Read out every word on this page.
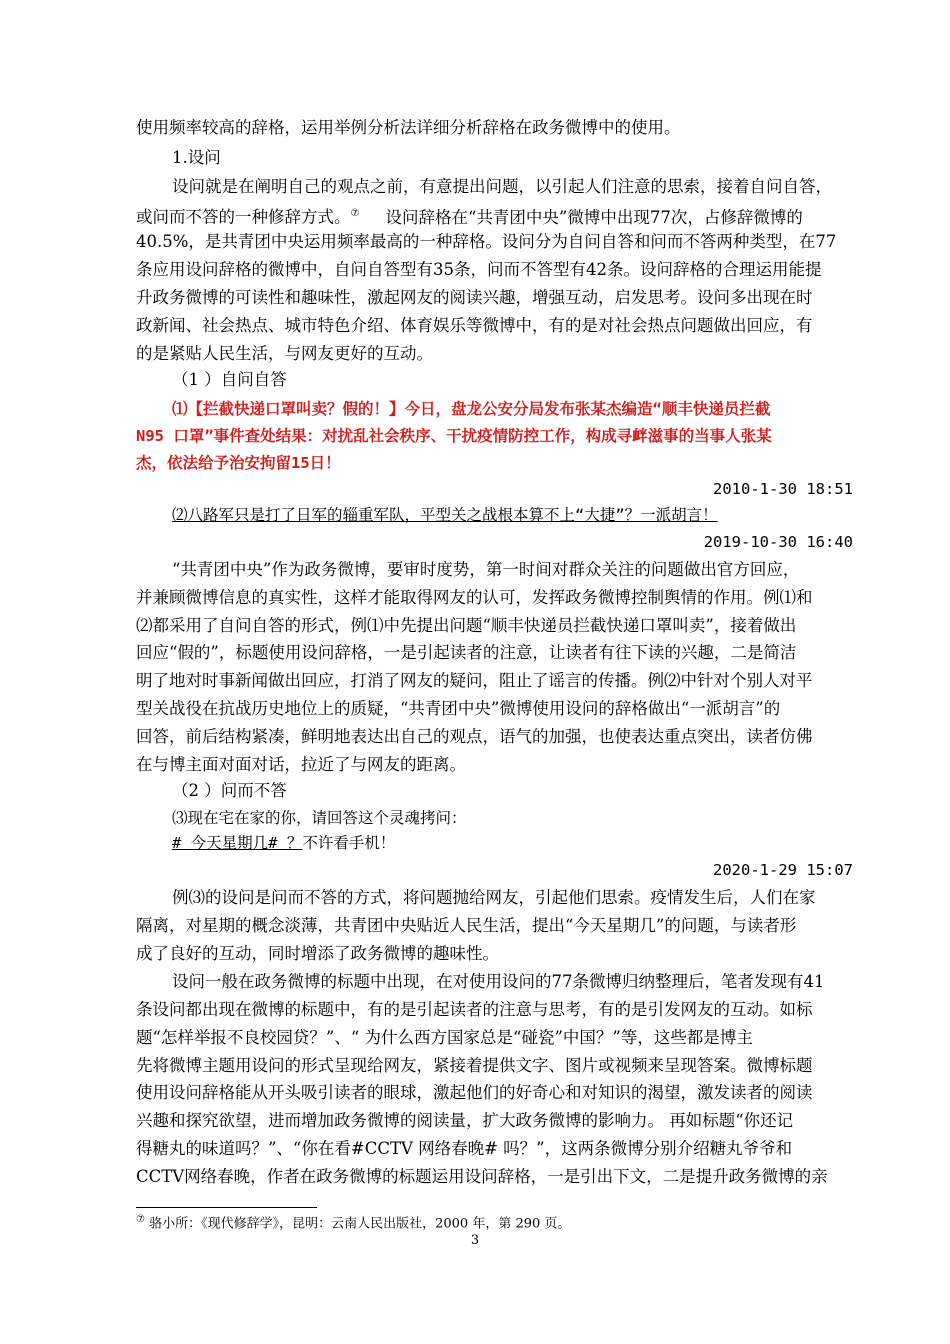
使用频率较高的辞格，运用举例分析法详细分析辞格在政务微博中的使用。
1.设问
设问就是在阐明自己的观点之前，有意提出问题，以引起人们注意的思索，接着自问自答，
或问而不答的一种修辞方式。⑦ 设问辞格在“共青团中央”微博中出现77次，占修辞微博的
40.5%，是共青团中央运用频率最高的一种辞格。设问分为自问自答和问而不答两种类型，在77
条应用设问辞格的微博中，自问自答型有35条，问而不答型有42条。设问辞格的合理运用能提
升政务微博的可读性和趣味性，激起网友的阅读兴趣，增强互动，启发思考。设问多出现在时
政新闻、社会热点、城市特色介绍、体育娱乐等微博中，有的是对社会热点问题做出回应，有
的是紧贴人民生活，与网友更好的互动。
（1 ）自问自答
⑴【拦截快递口罩叫卖？假的！】今日，盘龙公安分局发布张某杰编造“顺丰快递员拦截
N95 口罩”事件查处结果：对扰乱社会秩序、干扰疫情防控工作，构成寻衅滋事的当事人张某
杰，依法给予治安拘留15日！
2010-1-30 18:51
⑵八路军只是打了日军的辎重军队，平型关之战根本算不上“大捷”？一派胡言！
2019-10-30 16:40
“共青团中央”作为政务微博，要审时度势，第一时间对群众关注的问题做出官方回应，
并兼顾微博信息的真实性，这样才能取得网友的认可，发挥政务微博控制舆情的作用。例⑴和
⑵都采用了自问自答的形式，例⑴中先提出问题“顺丰快递员拦截快递口罩叫卖”，接着做出
回应“假的”，标题使用设问辞格，一是引起读者的注意，让读者有往下读的兴趣，二是简洁
明了地对时事新闻做出回应，打消了网友的疑问，阻止了谣言的传播。例⑵中针对个别人对平
型关战役在抗战历史地位上的质疑，“共青团中央”微博使用设问的辞格做出“一派胡言”的
回答，前后结构紧凑，鲜明地表达出自己的观点，语气的加强，也使表达重点突出，读者仿佛
在与博主面对面对话，拉近了与网友的距离。
（2 ）问而不答
⑶现在宅在家的你，请回答这个灵魂拷问：
# 今天星期几# ？不许看手机！
2020-1-29 15:07
例⑶的设问是问而不答的方式，将问题抛给网友，引起他们思索。疫情发生后，人们在家
隔离，对星期的概念淡薄，共青团中央贴近人民生活，提出“今天星期几”的问题，与读者形
成了良好的互动，同时增添了政务微博的趣味性。
设问一般在政务微博的标题中出现，在对使用设问的77条微博归纳整理后，笔者发现有41
条设问都出现在微博的标题中，有的是引起读者的注意与思考，有的是引发网友的互动。如标
题“怎样举报不良校园贷？”、“ 为什么西方国家总是“碰瓷”中国？”等，这些都是博主
先将微博主题用设问的形式呈现给网友，紧接着提供文字、图片或视频来呈现答案。微博标题
使用设问辞格能从开头吸引读者的眼球，激起他们的好奇心和对知识的渴望，激发读者的阅读
兴趣和探究欲望，进而增加政务微博的阅读量，扩大政务微博的影响力。 再如标题“你还记
得糖丸的味道吗？”、“你在看#CCTV 网络春晚# 吗？”，这两条微博分别介绍糖丸爷爷和
CCTV网络春晚，作者在政务微博的标题运用设问辞格，一是引出下文，二是提升政务微博的亲
⑦ 骆小所：《现代修辞学》，昆明：云南人民出版社，2000 年，第 290 页。
3
